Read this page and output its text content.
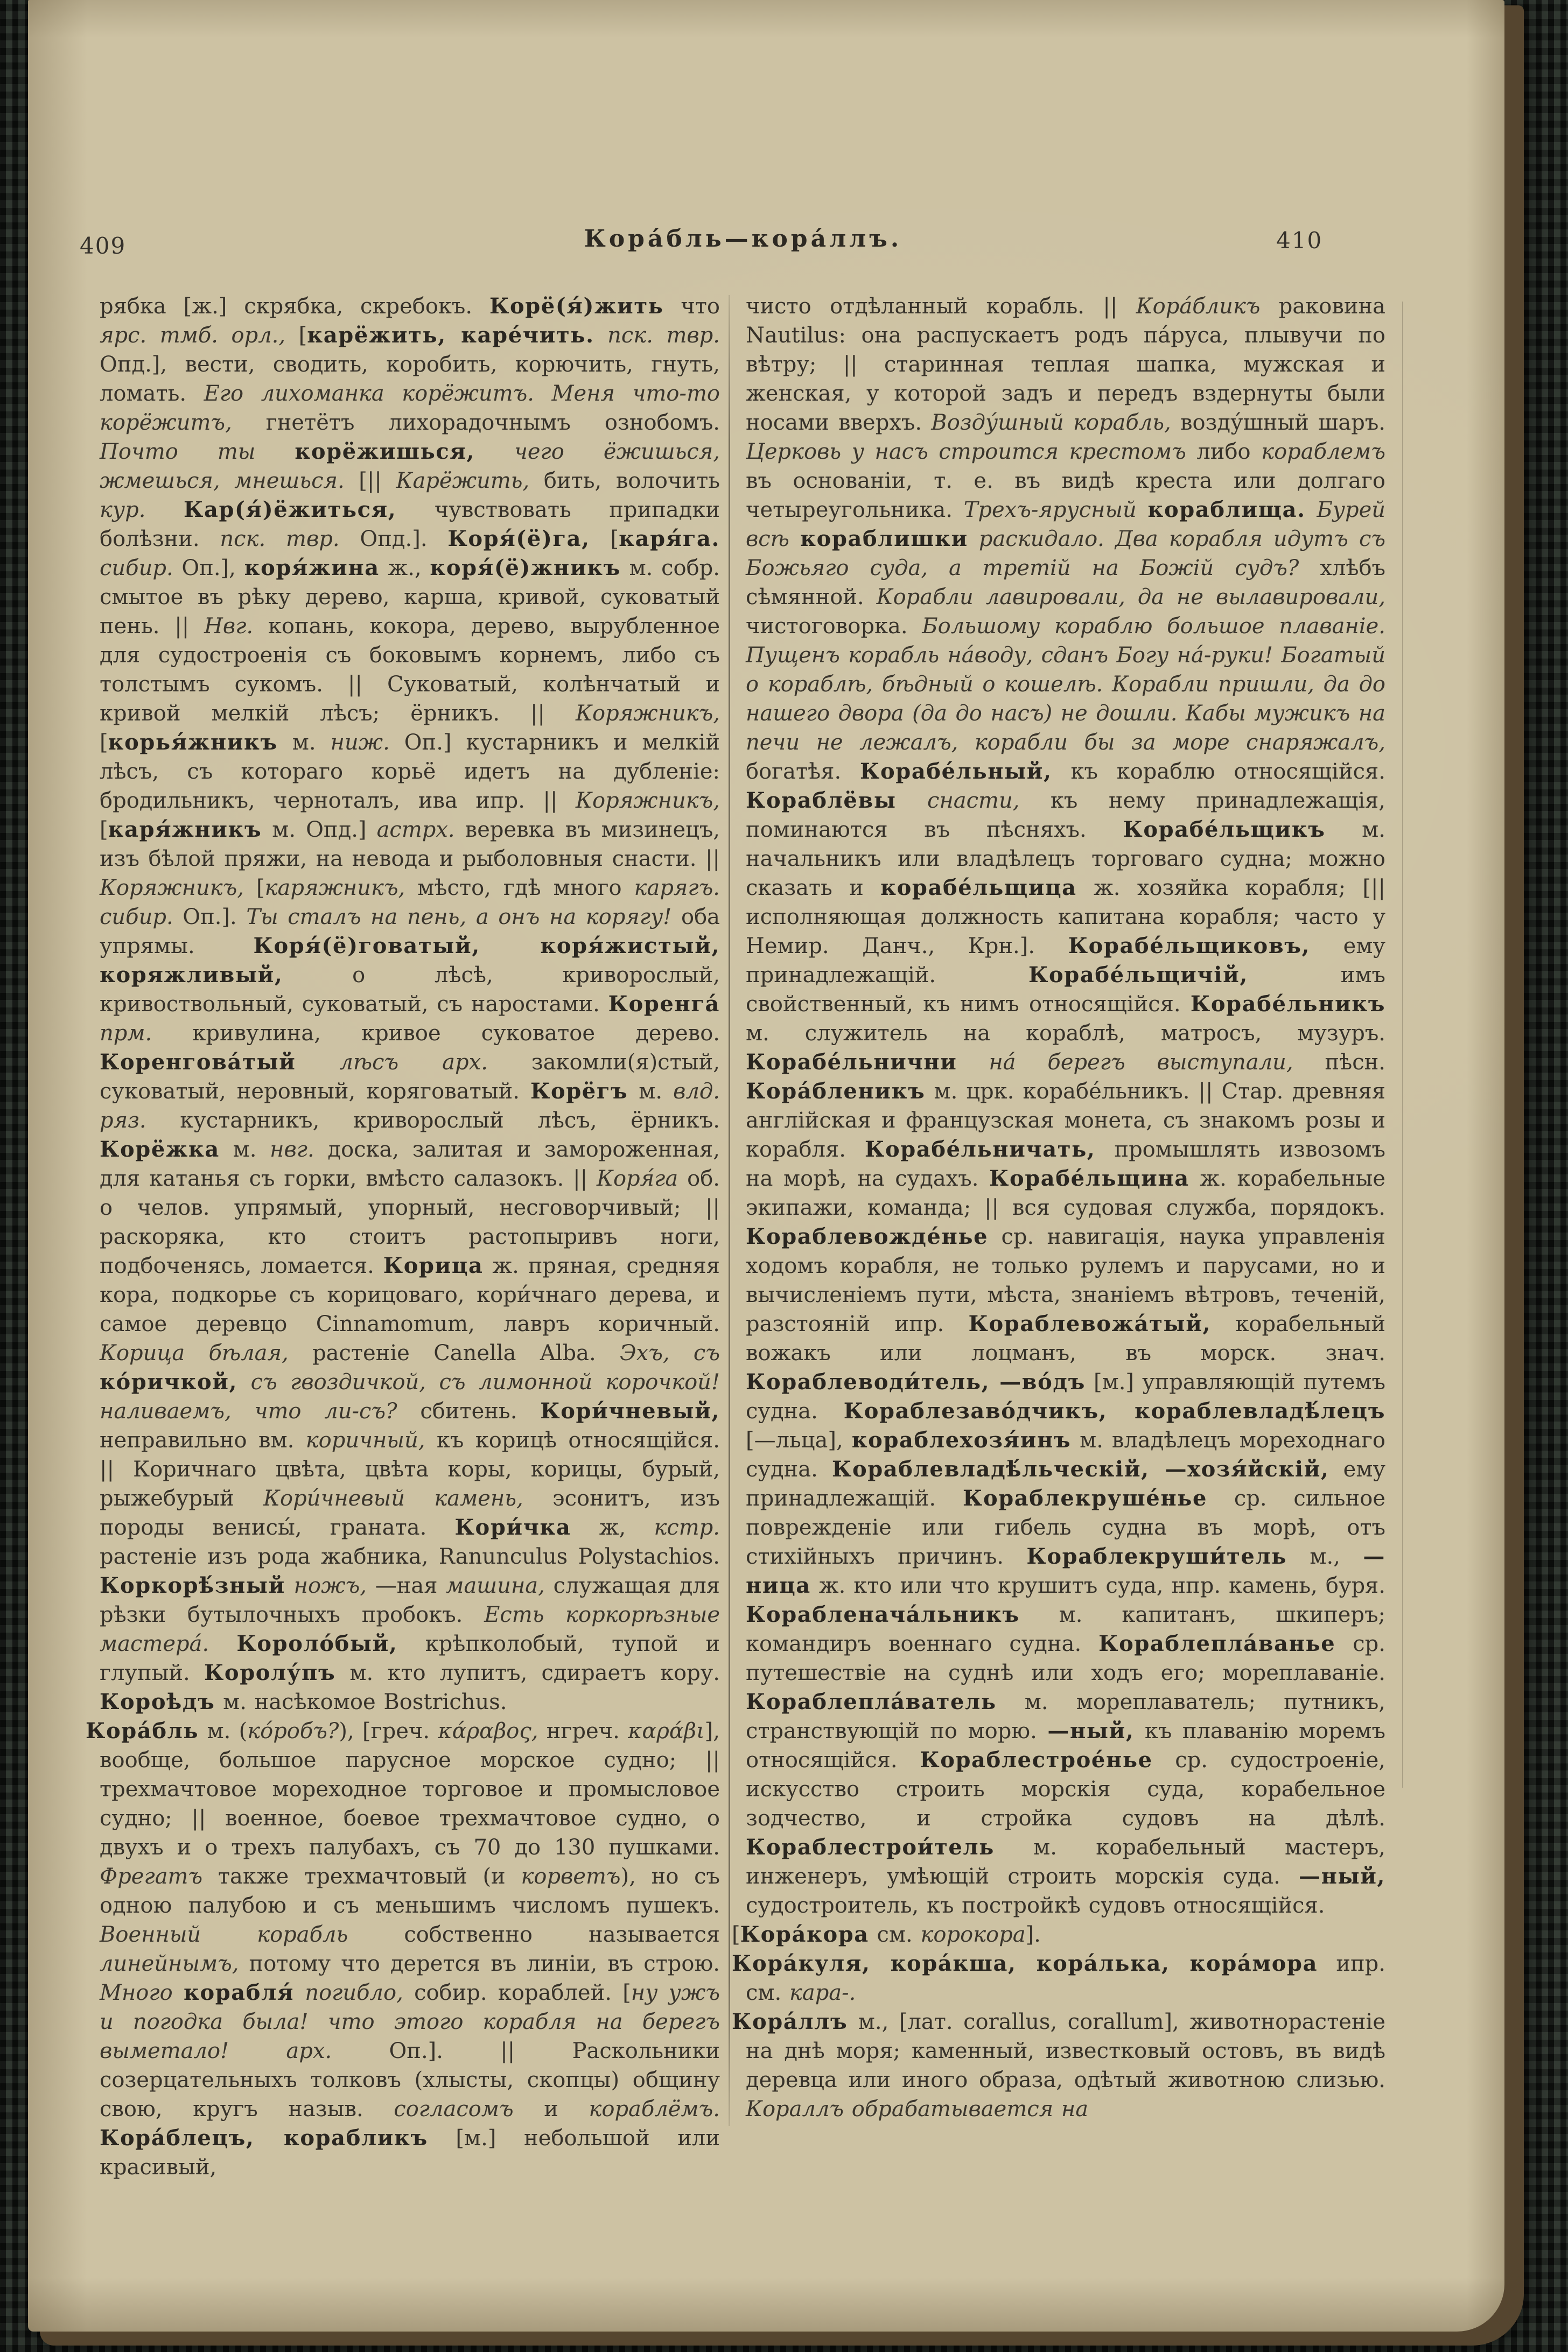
409	Кора́бль—кора́ллъ.	410

рябка [ж.] скрябка, скребокъ. Корё(я́)жить что ярс. тмб. орл., [карёжить, каре́чить. пск. твр. Опд.], вести, сводить, коробить, корючить, гнуть, ломать. Его лихоманка корёжитъ. Меня что-то корёжитъ, гнетётъ лихорадочнымъ ознобомъ. Почто ты корёжишься, чего ёжишься, жмешься, мнешься. [|| Карёжить, бить, волочить кур. Кар(я́)ёжиться, чувствовать припадки болѣзни. пск. твр. Опд.]. Коря́(ё)га, [каря́га. сибир. Оп.], коря́жина ж., коря́(ё)жникъ м. собр. смытое въ рѣку дерево, карша, кривой, суковатый пень. || Нвг. копань, кокора, дерево, вырубленное для судостроенія съ боковымъ корнемъ, либо съ толстымъ сукомъ. || Суковатый, колѣнчатый и кривой мелкій лѣсъ; ёрникъ. || Коряжникъ, [корья́жникъ м. ниж. Оп.] кустарникъ и мелкій лѣсъ, съ котораго корьё идетъ на дубленіе: бродильникъ, черноталъ, ива ипр. || Коряжникъ, [каря́жникъ м. Опд.] астрх. веревка въ мизинецъ, изъ бѣлой пряжи, на невода и рыболовныя снасти. || Коряжникъ, [каряжникъ, мѣсто, гдѣ много карягъ. сибир. Оп.]. Ты сталъ на пень, а онъ на корягу! оба упрямы. Коря́(ё)говатый, коря́жистый, коряжливый, о лѣсѣ, криворослый, кривоствольный, суковатый, съ наростами. Коренга́ прм. кривулина, кривое суковатое дерево. Коренгова́тый лѣсъ арх. закомли(я)стый, суковатый, неровный, коряговатый. Корёгъ м. влд. ряз. кустарникъ, криворослый лѣсъ, ёрникъ. Корёжка м. нвг. доска, залитая и замороженная, для катанья съ горки, вмѣсто салазокъ. || Коря́га об. о челов. упрямый, упорный, несговорчивый; || раскоряка, кто стоитъ растопыривъ ноги, подбоченясь, ломается. Корица ж. пряная, средняя кора, подкорье съ корицоваго, кори́чнаго дерева, и самое деревцо Cinnamomum, лавръ коричный. Корица бѣлая, растеніе Canella Alba. Эхъ, съ ко́ричкой, съ гвоздичкой, съ лимонной корочкой! наливаемъ, что ли-съ? сбитень. Кори́чневый, неправильно вм. коричный, къ корицѣ относящійся. || Коричнаго цвѣта, цвѣта коры, корицы, бурый, рыжебурый Кори́чневый камень, эсонитъ, изъ породы венисы́, граната. Кори́чка ж, кстр. растеніе изъ рода жабника, Ranunculus Polystachios. Коркорѣ́зный ножъ, —ная машина, служащая для рѣзки бутылочныхъ пробокъ. Есть коркорѣзные мастера́. Короло́бый, крѣпколобый, тупой и глупый. Королу́пъ м. кто лупитъ, сдираетъ кору. Короѣдъ м. насѣкомое Bostrichus.

Кора́бль м. (ко́робъ?), [греч. κάραβος, нгреч. καράβι], вообще, большое парусное морское судно; || трехмачтовое мореходное торговое и промысловое судно; || военное, боевое трехмачтовое судно, о двухъ и о трехъ палубахъ, съ 70 до 130 пушками. Фрегатъ также трехмачтовый (и корветъ), но съ одною палубою и съ меньшимъ числомъ пушекъ. Военный корабль собственно называется линейнымъ, потому что дерется въ линіи, въ строю. Много корабля́ погибло, собир. кораблей. [ну ужъ и погодка была! что этого корабля на берегъ выметало! арх. Оп.]. || Раскольники созерцательныхъ толковъ (хлысты, скопцы) общину свою, кругъ назыв. согласомъ и кораблёмъ. Кора́блецъ, корабликъ [м.] небольшой или красивый,

чисто отдѣланный корабль. || Кора́бликъ раковина Nautilus: она распускаетъ родъ па́руса, плывучи по вѣтру; || старинная теплая шапка, мужская и женская, у которой задъ и передъ вздернуты были носами вверхъ. Возду́шный корабль, возду́шный шаръ. Церковь у насъ строится крестомъ либо кораблемъ въ основаніи, т. е. въ видѣ креста или долгаго четыреугольника. Трехъ-ярусный кораблища. Бурей всѣ кораблишки раскидало. Два корабля идутъ съ Божьяго суда, а третій на Божій судъ? хлѣбъ сѣмянной. Корабли лавировали, да не вылавировали, чистоговорка. Большому кораблю большое плаваніе. Пущенъ корабль на́воду, сданъ Богу на́-руки! Богатый о кораблѣ, бѣдный о кошелѣ. Корабли пришли, да до нашего двора (да до насъ) не дошли. Кабы мужикъ на печи не лежалъ, корабли бы за море снаряжалъ, богатѣя. Корабе́льный, къ кораблю относящійся. Кораблёвы снасти, къ нему принадлежащія, поминаются въ пѣсняхъ. Корабе́льщикъ м. начальникъ или владѣлецъ торговаго судна; можно сказать и корабе́льщица ж. хозяйка корабля; [|| исполняющая должность капитана корабля; часто у Немир. Данч., Крн.]. Корабе́льщиковъ, ему принадлежащій. Корабе́льщичій, имъ свойственный, къ нимъ относящійся. Корабе́льникъ м. служитель на кораблѣ, матросъ, музуръ. Корабе́льнични на́ берегъ выступали, пѣсн. Кора́бленикъ м. црк. корабе́льникъ. || Стар. древняя англійская и французская монета, съ знакомъ розы и корабля. Корабе́льничать, промышлять извозомъ на морѣ, на судахъ. Корабе́льщина ж. корабельные экипажи, команда; || вся судовая служба, порядокъ. Кораблевожде́нье ср. навигація, наука управленія ходомъ корабля, не только рулемъ и парусами, но и вычисленіемъ пути, мѣста, знаніемъ вѣтровъ, теченій, разстояній ипр. Кораблевожа́тый, корабельный вожакъ или лоцманъ, въ морск. знач. Кораблеводи́тель, —во́дъ [м.] управляющій путемъ судна. Кораблезаво́дчикъ, кораблевладѣ́лецъ [—льца], кораблехозя́инъ м. владѣлецъ мореходнаго судна. Кораблевладѣ́льческій, —хозя́йскій, ему принадлежащій. Кораблекруше́нье ср. сильное поврежденіе или гибель судна въ морѣ, отъ стихійныхъ причинъ. Кораблекруши́тель м., —ница ж. кто или что крушитъ суда, нпр. камень, буря. Корабленача́льникъ м. капитанъ, шкиперъ; командиръ военнаго судна. Кораблепла́ванье ср. путешествіе на суднѣ или ходъ его; мореплаваніе. Кораблепла́ватель м. мореплаватель; путникъ, странствующій по морю. —ный, къ плаванію моремъ относящійся. Кораблестрое́нье ср. судостроеніе, искусство строить морскія суда, корабельное зодчество, и стройка судовъ на дѣлѣ. Кораблестрои́тель м. корабельный мастеръ, инженеръ, умѣющій строить морскія суда. —ный, судостроитель, къ постройкѣ судовъ относящійся.

[Кора́кора см. корокора].

Кора́куля, кора́кша, кора́лька, кора́мора ипр. см. кара-.

Кора́ллъ м., [лат. corallus, corallum], животнорастеніе на днѣ моря; каменный, известковый остовъ, въ видѣ деревца или иного образа, одѣтый животною слизью. Кораллъ обрабатывается на
